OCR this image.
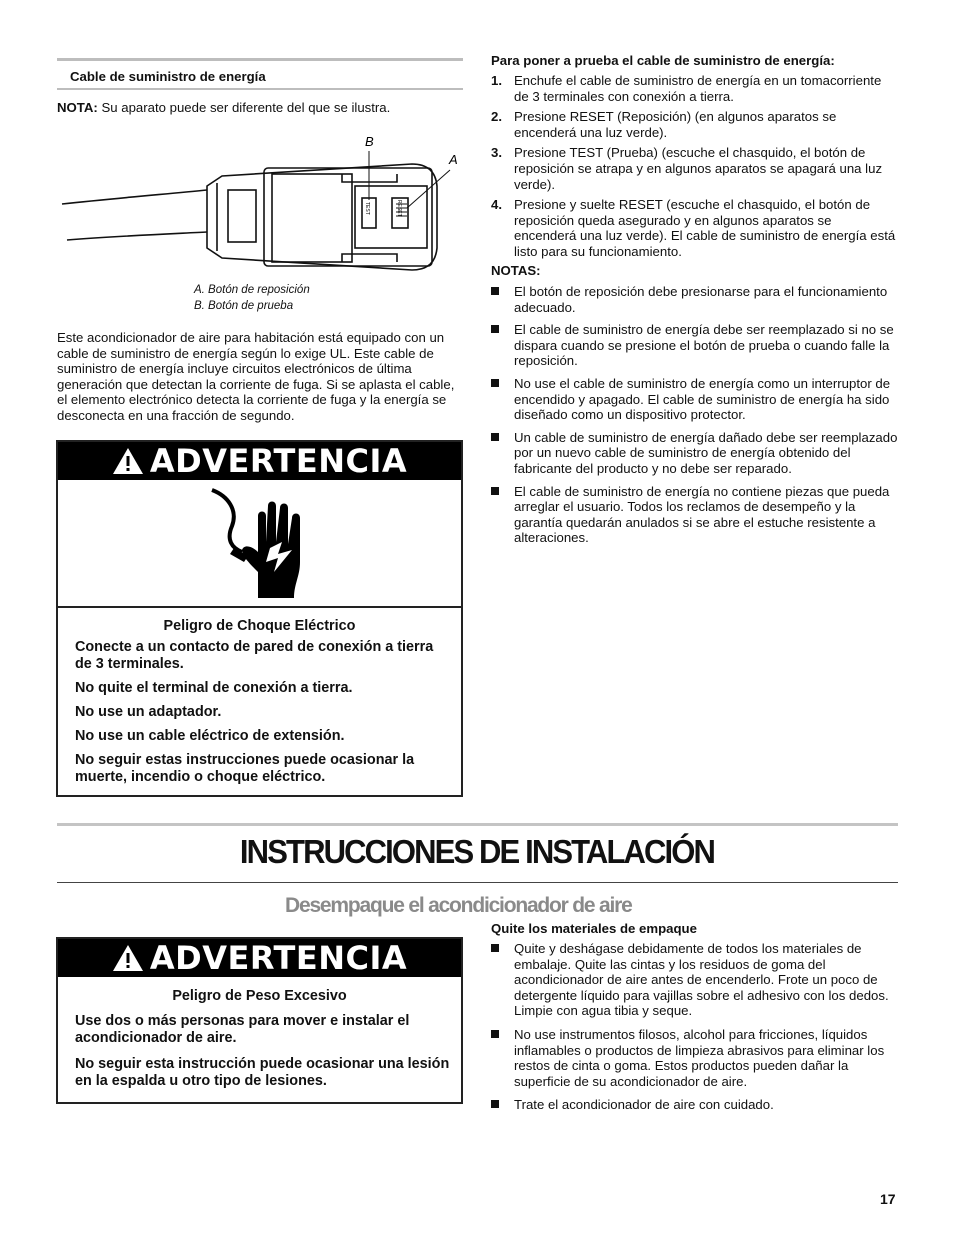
Cable de suministro de energía
NOTA: Su aparato puede ser diferente del que se ilustra.
B
A
TEST	RESET
A. Botón de reposición
B. Botón de prueba
Este acondicionador de aire para habitación está equipado con un cable de suministro de energía según lo exige UL. Este cable de suministro de energía incluye circuitos electrónicos de última generación que detectan la corriente de fuga. Si se aplasta el cable, el elemento electrónico detecta la corriente de fuga y la energía se desconecta en una fracción de segundo.
ADVERTENCIA
Peligro de Choque Eléctrico
Conecte a un contacto de pared de conexión a tierra de 3 terminales.
No quite el terminal de conexión a tierra.
No use un adaptador.
No use un cable eléctrico de extensión.
No seguir estas instrucciones puede ocasionar la muerte, incendio o choque eléctrico.
Para poner a prueba el cable de suministro de energía:
1. Enchufe el cable de suministro de energía en un tomacorriente de 3 terminales con conexión a tierra.
2. Presione RESET (Reposición) (en algunos aparatos se encenderá una luz verde).
3. Presione TEST (Prueba) (escuche el chasquido, el botón de reposición se atrapa y en algunos aparatos se apagará una luz verde).
4. Presione y suelte RESET (escuche el chasquido, el botón de reposición queda asegurado y en algunos aparatos se encenderá una luz verde). El cable de suministro de energía está listo para su funcionamiento.
NOTAS:
El botón de reposición debe presionarse para el funcionamiento adecuado.
El cable de suministro de energía debe ser reemplazado si no se dispara cuando se presione el botón de prueba o cuando falle la reposición.
No use el cable de suministro de energía como un interruptor de encendido y apagado. El cable de suministro de energía ha sido diseñado como un dispositivo protector.
Un cable de suministro de energía dañado debe ser reemplazado por un nuevo cable de suministro de energía obtenido del fabricante del producto y no debe ser reparado.
El cable de suministro de energía no contiene piezas que pueda arreglar el usuario. Todos los reclamos de desempeño y la garantía quedarán anulados si se abre el estuche resistente a alteraciones.
INSTRUCCIONES DE INSTALACIÓN
Desempaque el acondicionador de aire
ADVERTENCIA
Peligro de Peso Excesivo
Use dos o más personas para mover e instalar el acondicionador de aire.
No seguir esta instrucción puede ocasionar una lesión en la espalda u otro tipo de lesiones.
Quite los materiales de empaque
Quite y deshágase debidamente de todos los materiales de embalaje. Quite las cintas y los residuos de goma del acondicionador de aire antes de encenderlo. Frote un poco de detergente líquido para vajillas sobre el adhesivo con los dedos. Limpie con agua tibia y seque.
No use instrumentos filosos, alcohol para fricciones, líquidos inflamables o productos de limpieza abrasivos para eliminar los restos de cinta o goma. Estos productos pueden dañar la superficie de su acondicionador de aire.
Trate el acondicionador de aire con cuidado.
17
